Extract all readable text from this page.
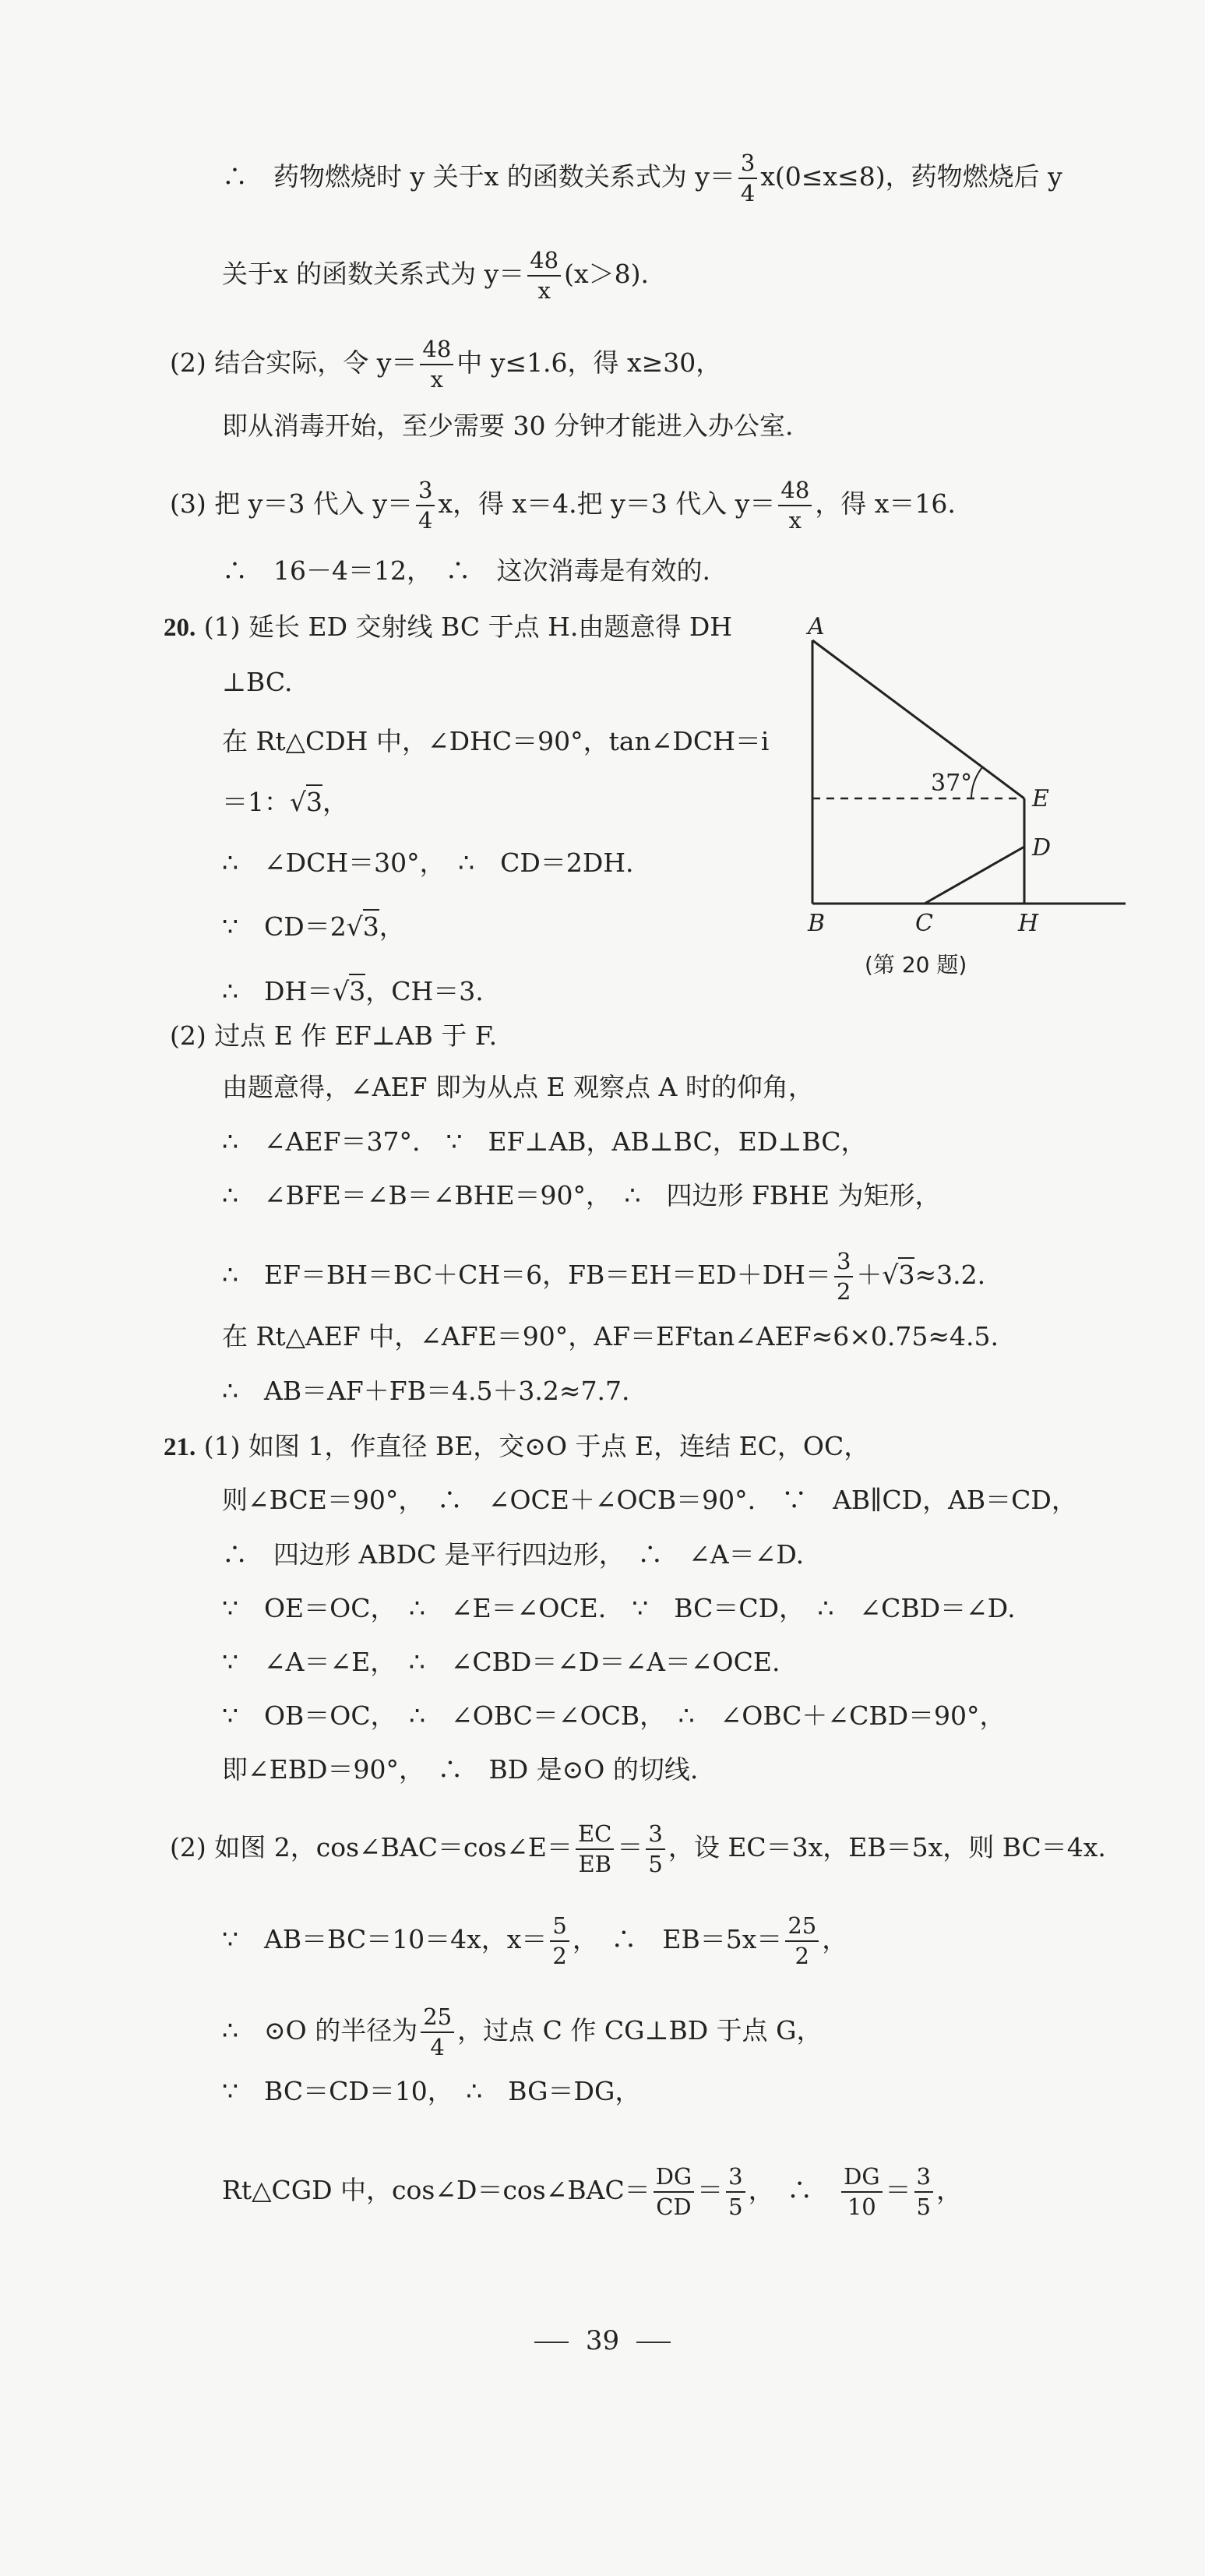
∴　药物燃烧时 y 关于x 的函数关系式为 $y= \frac{3}{4} x(0\le x\le 8)$，药物燃烧后 y
关于x 的函数关系式为 $y= \frac{48}{x} (x>8)$.
(2) 结合实际，令 $y= \frac{48}{x}$ 中 y≤1.6，得 x≥30，
即从消毒开始，至少需要 30 分钟才能进入办公室.
(3) 把 y＝3 代入 $y= \frac{3}{4}$ x，得 x＝4.把 y＝3 代入 $y= \frac{48}{x}$ ，得 x＝16.
∴　16－4＝12，　∴　这次消毒是有效的.
20. (1) 延长 ED 交射线 BC 于点 H.由题意得 DH
⊥BC.
在 Rt△CDH 中，∠DHC＝90°，tan∠DCH＝i
＝1：√3，
∴　∠DCH＝30°，　∴　CD＝2DH.
∵　CD＝2√3，
∴　DH＝√3，CH＝3.
(2) 过点 E 作 EF⊥AB 于 F.
由题意得，∠AEF 即为从点 E 观察点 A 时的仰角，
∴　∠AEF＝37°.　∵　EF⊥AB，AB⊥BC，ED⊥BC，
∴　∠BFE＝∠B＝∠BHE＝90°，　∴　四边形 FBHE 为矩形，
∴　EF＝BH＝BC＋CH＝6，$FB=EH=ED+DH= \frac{3}{2} +√3\approx 3.2$.
在 Rt△AEF 中，∠AFE＝90°，AF＝EFtan∠AEF≈6×0.75≈4.5.
∴　AB＝AF＋FB＝4.5＋3.2≈7.7.
21. (1) 如图 1，作直径 BE，交⊙O 于点 E，连结 EC，OC，
则∠BCE＝90°，　∴　∠OCE＋∠OCB＝90°.　∵　AB∥CD，AB＝CD，
∴　四边形 ABDC 是平行四边形，　∴　∠A＝∠D.
∵　OE＝OC，　∴　∠E＝∠OCE.　∵　BC＝CD，　∴　∠CBD＝∠D.
∵　∠A＝∠E，　∴　∠CBD＝∠D＝∠A＝∠OCE.
∵　OB＝OC，　∴　∠OBC＝∠OCB，　∴　∠OBC＋∠CBD＝90°，
即∠EBD＝90°，　∴　BD 是⊙O 的切线.
(2) 如图 2，cos∠BAC＝cos∠E＝ $\frac{EC}{EB} = \frac{3}{5}$ ，设 EC＝3x，EB＝5x，则 BC＝4x.
∵　AB＝BC＝10＝4x，$x= \frac{5}{2}$ ，　∴　$EB=5x= \frac{25}{2}$ ，
∴　⊙O 的半径为 $\frac{25}{4}$ ，过点 C 作 CG⊥BD 于点 G，
∵　BC＝CD＝10，　∴　BG＝DG，
Rt△CGD 中，cos∠D＝cos∠BAC＝ $\frac{DG}{CD} = \frac{3}{5}$ ，　∴　 $\frac{DG}{10} = \frac{3}{5}$ ，
A
B	C
D
E
H
37°
(第 20 题)
39
